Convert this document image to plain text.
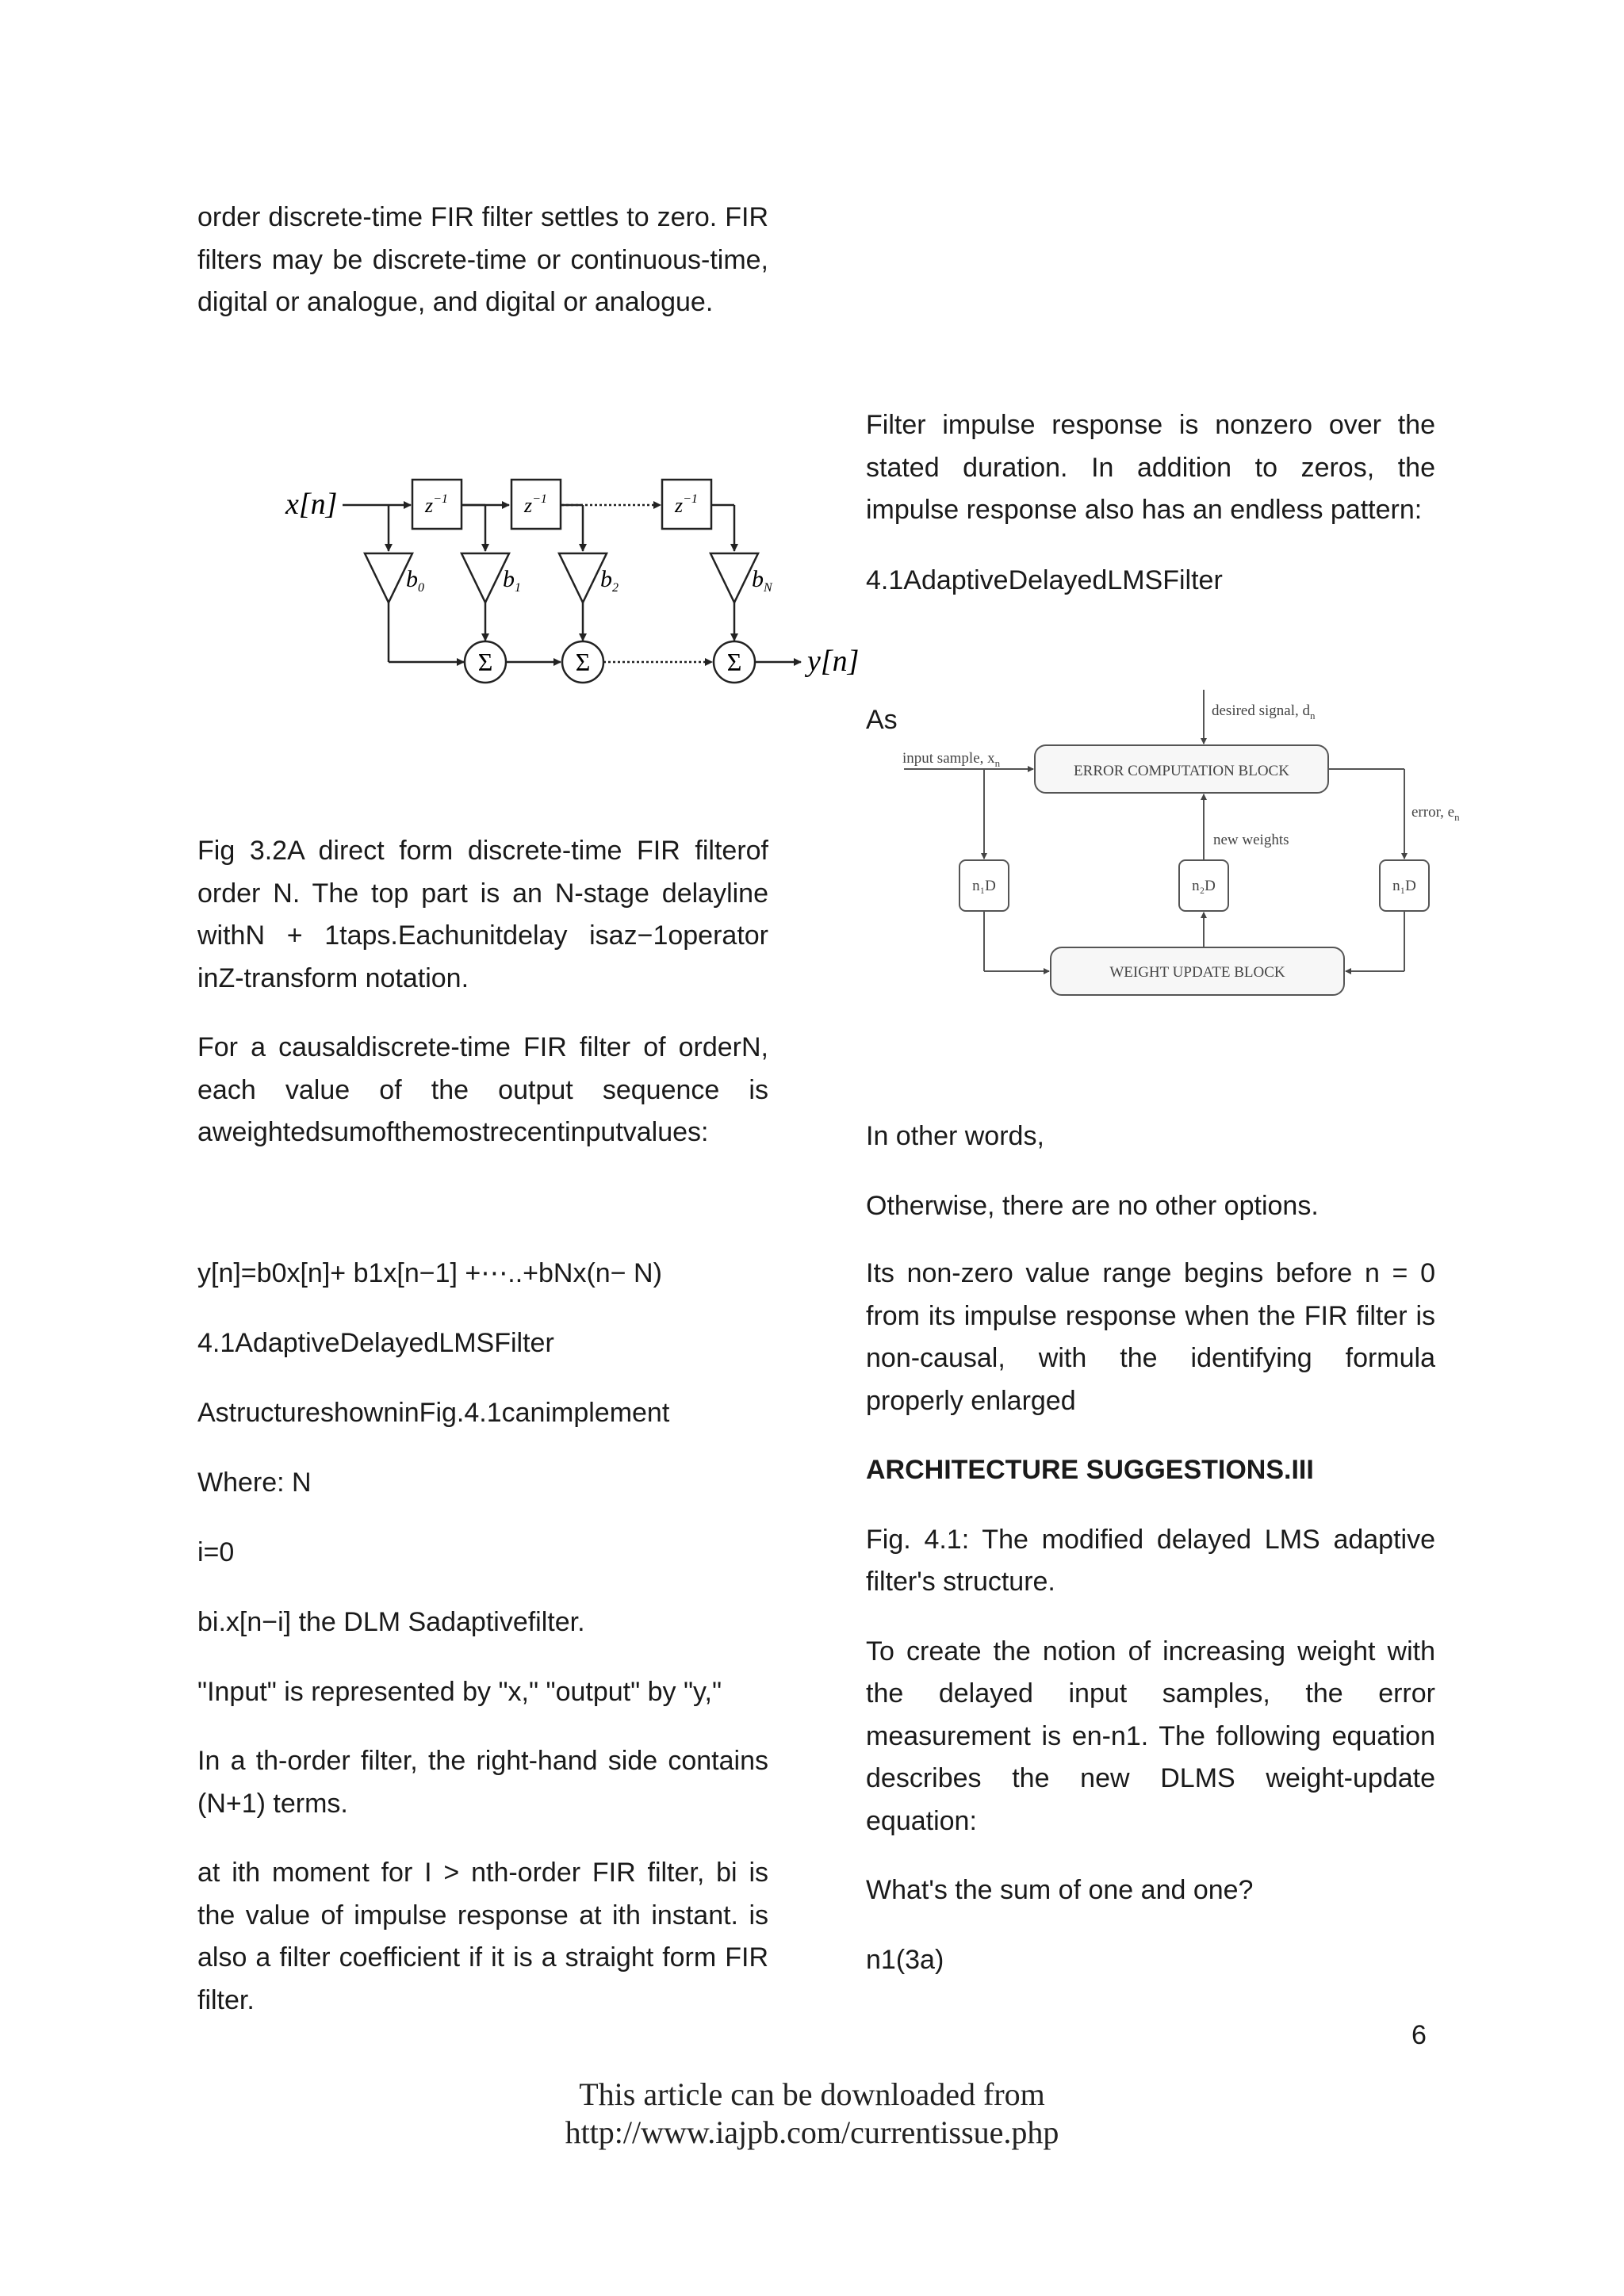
order discrete-time FIR filter settles to zero. FIR filters may be discrete-time or continuous-time, digital or analogue, and digital or analogue.

x[n]
y[n]
$z^{-1}$	$z^{-1}$	$z^{-1}$
$b_0$	$b_1$	$b_2$	$b_N$
Σ	Σ	Σ

Fig 3.2A direct form discrete-time FIR filterof order N. The top part is an N-stage delayline withN + 1taps.Eachunitdelay isaz−1operator inZ-transform notation.

For a causaldiscrete-time FIR filter of orderN, each value of the output sequence is aweightedsumofthemostrecentinputvalues:

y[n]=b0x[n]+ b1x[n−1] +⋯..+bNx(n− N)
4.1AdaptiveDelayedLMSFilter
AstructureshowninFig.4.1canimplement
Where: N
i=0
bi.x[n−i] the DLM Sadaptivefilter.
"Input" is represented by "x," "output" by "y,"

In a th-order filter, the right-hand side contains (N+1) terms.

at ith moment for I > nth-order FIR filter, bi is the value of impulse response at ith instant. is also a filter coefficient if it is a straight form FIR filter.

Filter impulse response is nonzero over the stated duration. In addition to zeros, the impulse response also has an endless pattern:

4.1AdaptiveDelayedLMSFilter
As	desired signal, $d_n$
input sample, $x_n$	ERROR COMPUTATION BLOCK
new weights
error, $e_n$
n₁D	n₂D	n₁D
WEIGHT UPDATE BLOCK
In other words,
Otherwise, there are no other options.

Its non-zero value range begins before n = 0 from its impulse response when the FIR filter is non-causal, with the identifying formula properly enlarged

ARCHITECTURE SUGGESTIONS.III

Fig. 4.1: The modified delayed LMS adaptive filter's structure.

To create the notion of increasing weight with the delayed input samples, the error measurement is en-n1. The following equation describes the new DLMS weight-update equation:

What's the sum of one and one?

n1(3a)

6
This article can be downloaded from
http://www.iajpb.com/currentissue.php
